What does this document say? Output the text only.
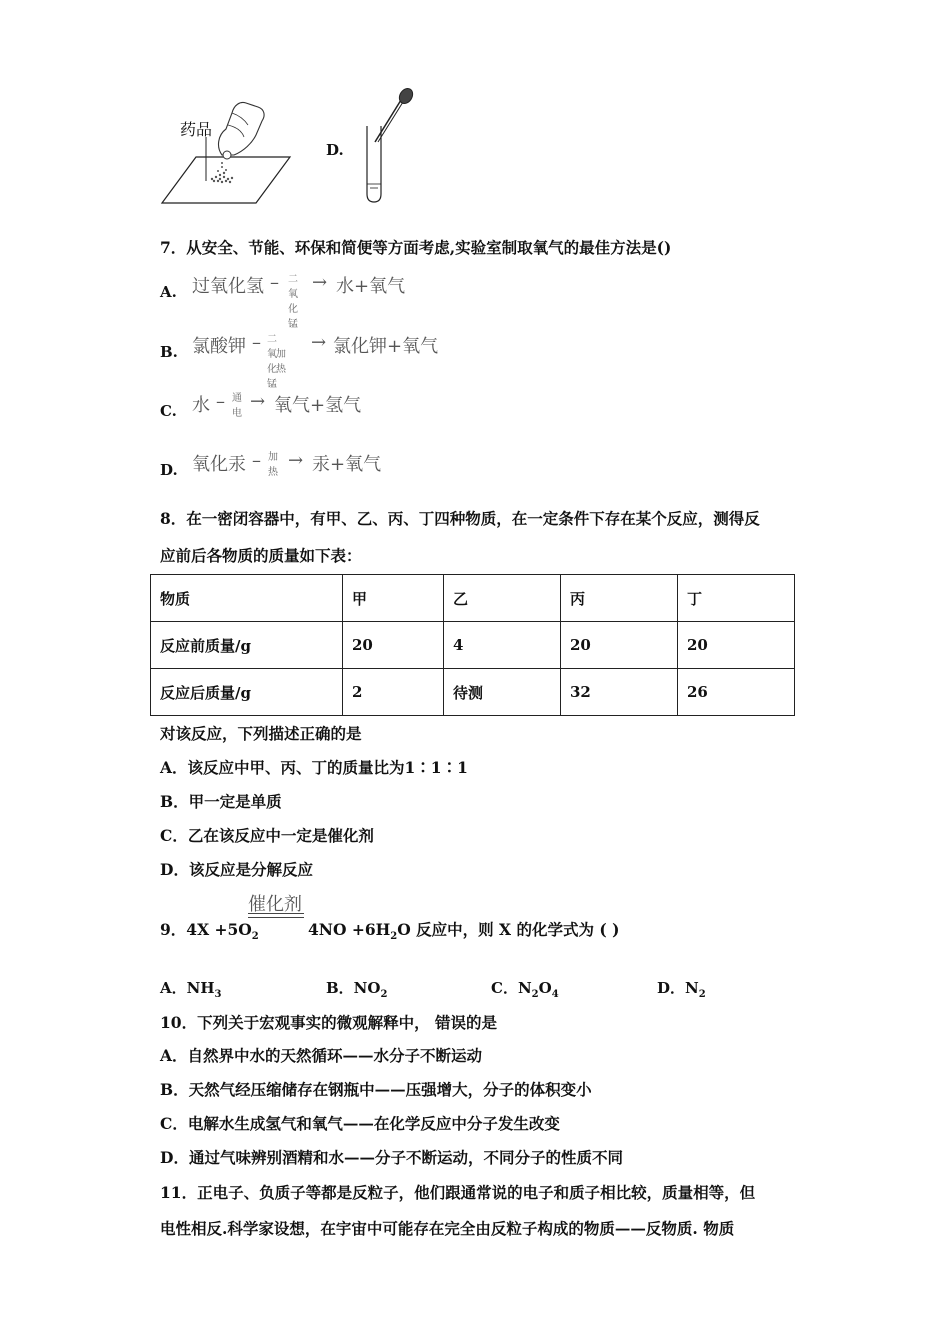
药品
D.
7．从安全、节能、环保和简便等方面考虑,实验室制取氧气的最佳方法是()
A. 过氧化氢 – 二氧化锰
→ 水+氧气
B. 氯酸钾 – 二氧化锰
加热
→ 氯化钾+氧气
C. 水 – 通电
→ 氧气+氢气
D. 氧化汞 – 加热
→ 汞+氧气
8．在一密闭容器中，有甲、乙、丙、丁四种物质，在一定条件下存在某个反应，测得反
应前后各物质的质量如下表：
物质	甲	乙	丙	丁
反应前质量/g	20	4	20	20
反应后质量/g	2	待测	32	26
对该反应，下列描述正确的是
A．该反应中甲、丙、丁的质量比为1∶1∶1
B．甲一定是单质
C．乙在该反应中一定是催化剂
D．该反应是分解反应
催化剂
9．$4X +5O_2$	$4NO +6H_2O$ 反应中，则 X 的化学式为 ( )
A．$NH_3$	B．$NO_2$	C．$N_2O_4$	D．$N_2$
10．下列关于宏观事实的微观解释中， 错误的是
A．自然界中水的天然循环——水分子不断运动
B．天然气经压缩储存在钢瓶中——压强增大，分子的体积变小
C．电解水生成氢气和氧气——在化学反应中分子发生改变
D．通过气味辨别酒精和水——分子不断运动，不同分子的性质不同
11．正电子、负质子等都是反粒子，他们跟通常说的电子和质子相比较，质量相等，但
电性相反.科学家设想，在宇宙中可能存在完全由反粒子构成的物质——反物质. 物质
